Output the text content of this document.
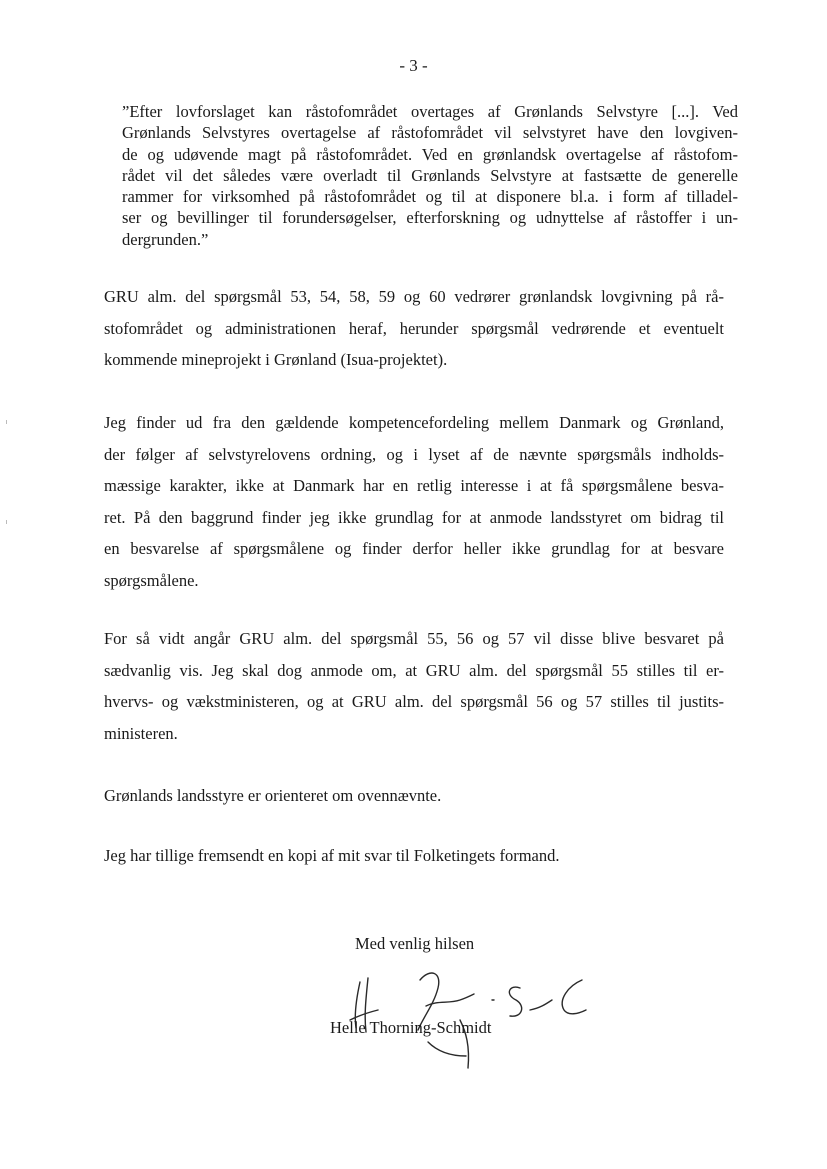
- 3 -
”Efter lovforslaget kan råstofområdet overtages af Grønlands Selvstyre [...]. Ved
Grønlands Selvstyres overtagelse af råstofområdet vil selvstyret have den lovgiven-
de og udøvende magt på råstofområdet. Ved en grønlandsk overtagelse af råstofom-
rådet vil det således være overladt til Grønlands Selvstyre at fastsætte de generelle
rammer for virksomhed på råstofområdet og til at disponere bl.a. i form af tilladel-
ser og bevillinger til forundersøgelser, efterforskning og udnyttelse af råstoffer i un-
dergrunden.”
GRU alm. del spørgsmål 53, 54, 58, 59 og 60 vedrører grønlandsk lovgivning på rå-
stofområdet og administrationen heraf, herunder spørgsmål vedrørende et eventuelt
kommende mineprojekt i Grønland (Isua-projektet).
Jeg finder ud fra den gældende kompetencefordeling mellem Danmark og Grønland,
der følger af selvstyrelovens ordning, og i lyset af de nævnte spørgsmåls indholds-
mæssige karakter, ikke at Danmark har en retlig interesse i at få spørgsmålene besva-
ret. På den baggrund finder jeg ikke grundlag for at anmode landsstyret om bidrag til
en besvarelse af spørgsmålene og finder derfor heller ikke grundlag for at besvare
spørgsmålene.
For så vidt angår GRU alm. del spørgsmål 55, 56 og 57 vil disse blive besvaret på
sædvanlig vis. Jeg skal dog anmode om, at GRU alm. del spørgsmål 55 stilles til er-
hvervs- og vækstministeren, og at GRU alm. del spørgsmål 56 og 57 stilles til justits-
ministeren.
Grønlands landsstyre er orienteret om ovennævnte.
Jeg har tillige fremsendt en kopi af mit svar til Folketingets formand.
Med venlig hilsen
Helle Thorning-Schmidt
